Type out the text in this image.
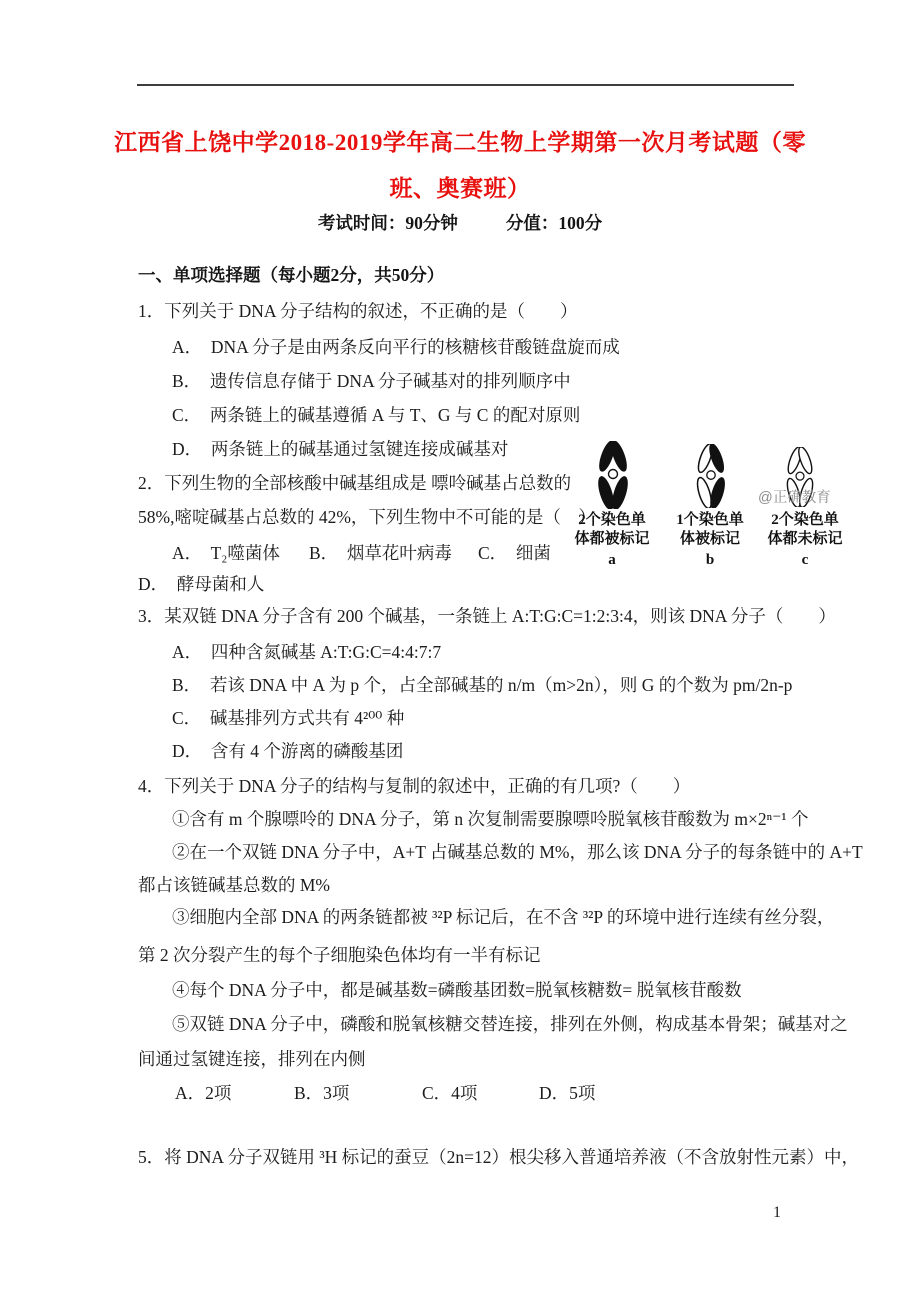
江西省上饶中学2018-2019学年高二生物上学期第一次月考试题（零
班、奥赛班）
考试时间：90分钟	分值：100分
一、单项选择题（每小题2分，共50分）
1．下列关于 DNA 分子结构的叙述，不正确的是（　　）
A．  DNA 分子是由两条反向平行的核糖核苷酸链盘旋而成
B．  遗传信息存储于 DNA 分子碱基对的排列顺序中
C．  两条链上的碱基遵循 A 与 T、G 与 C 的配对原则
D．  两条链上的碱基通过氢键连接成碱基对
2．下列生物的全部核酸中碱基组成是 嘌呤碱基占总数的
58%,嘧啶碱基占总数的 42%，下列生物中不可能的是（　）
A．  T₂噬菌体 B．  烟草花叶病毒 C．  细菌
D．  酵母菌和人
@正确教育
2个染色单
体都被标记
1个染色单
体被标记
2个染色单
体都未标记
a	b	c
3．某双链 DNA 分子含有 200 个碱基，一条链上 A:T:G:C=1:2:3:4，则该 DNA 分子（　　）
A．  四种含氮碱基 A:T:G:C=4:4:7:7
B．  若该 DNA 中 A 为 p 个，占全部碱基的 n/m（m>2n），则 G 的个数为 pm/2n-p
C．  碱基排列方式共有 4²⁰⁰ 种
D．  含有 4 个游离的磷酸基团
4．下列关于 DNA 分子的结构与复制的叙述中，正确的有几项?（　　）
①含有 m 个腺嘌呤的 DNA 分子，第 n 次复制需要腺嘌呤脱氧核苷酸数为 m×2ⁿ⁻¹ 个
②在一个双链 DNA 分子中，A+T 占碱基总数的 M%，那么该 DNA 分子的每条链中的 A+T
都占该链碱基总数的 M%
③细胞内全部 DNA 的两条链都被 ³²P 标记后，在不含 ³²P 的环境中进行连续有丝分裂，
第 2 次分裂产生的每个子细胞染色体均有一半有标记
④每个 DNA 分子中，都是碱基数=磷酸基团数=脱氧核糖数= 脱氧核苷酸数
⑤双链 DNA 分子中，磷酸和脱氧核糖交替连接，排列在外侧，构成基本骨架；碱基对之
间通过氢键连接，排列在内侧
A．2项	B．3项	C．4项	D．5项
5．将 DNA 分子双链用 ³H 标记的蚕豆（2n=12）根尖移入普通培养液（不含放射性元素）中，
1
